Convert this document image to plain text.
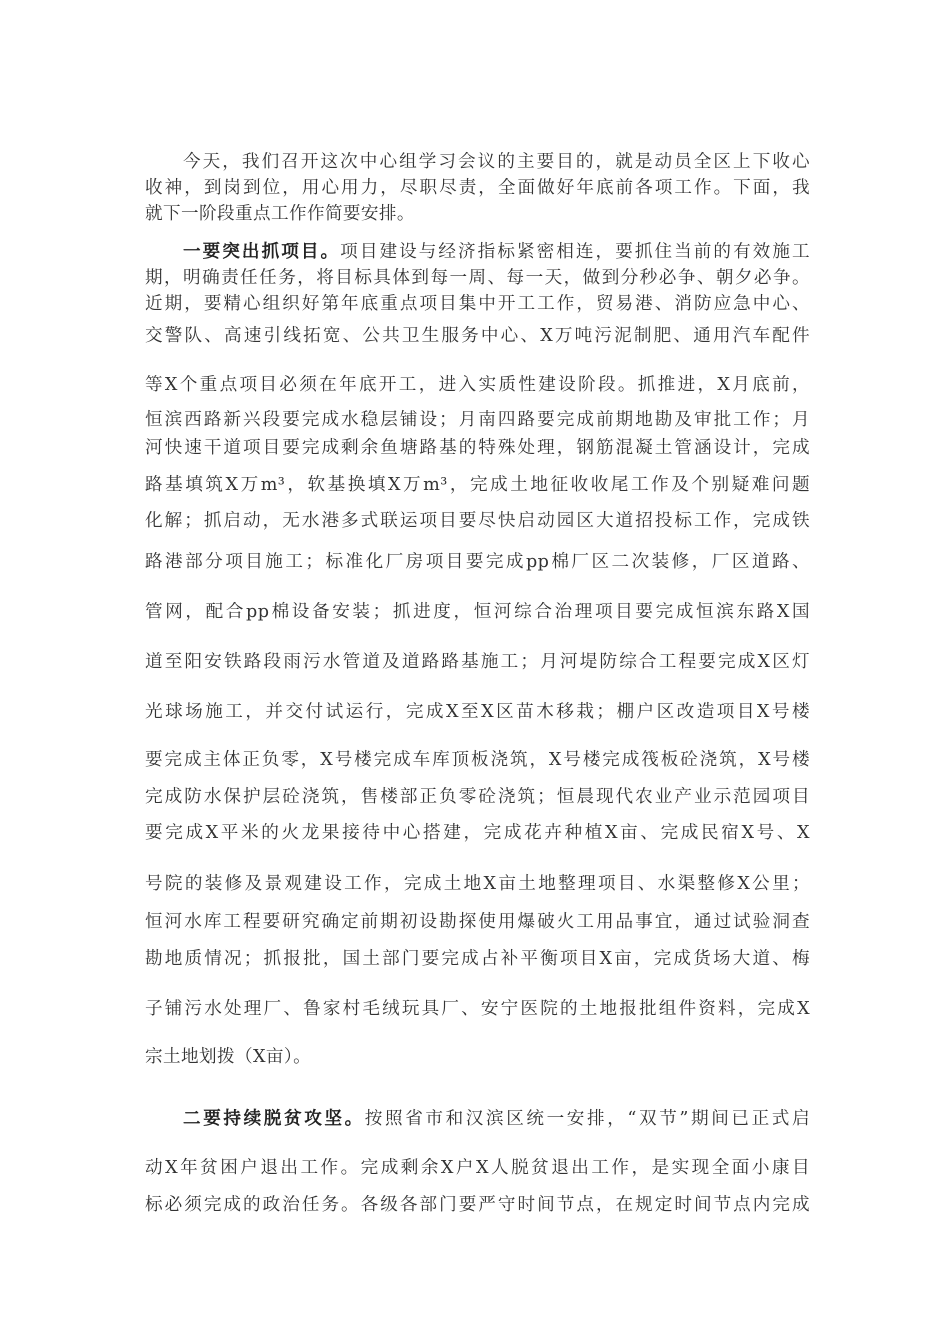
今天，我们召开这次中心组学习会议的主要目的，就是动员全区上下收心
收神，到岗到位，用心用力，尽职尽责，全面做好年底前各项工作。下面，我
就下一阶段重点工作作简要安排。
一要突出抓项目。项目建设与经济指标紧密相连，要抓住当前的有效施工
期，明确责任任务，将目标具体到每一周、每一天，做到分秒必争、朝夕必争。
近期，要精心组织好第年底重点项目集中开工工作，贸易港、消防应急中心、
交警队、高速引线拓宽、公共卫生服务中心、X万吨污泥制肥、通用汽车配件
等X个重点项目必须在年底开工，进入实质性建设阶段。抓推进，X月底前，
恒滨西路新兴段要完成水稳层铺设；月南四路要完成前期地勘及审批工作；月
河快速干道项目要完成剩余鱼塘路基的特殊处理，钢筋混凝土管涵设计，完成
路基填筑X万m³，软基换填X万m³，完成土地征收收尾工作及个别疑难问题
化解；抓启动，无水港多式联运项目要尽快启动园区大道招投标工作，完成铁
路港部分项目施工；标准化厂房项目要完成pp棉厂区二次装修，厂区道路、
管网，配合pp棉设备安装；抓进度，恒河综合治理项目要完成恒滨东路X国
道至阳安铁路段雨污水管道及道路路基施工；月河堤防综合工程要完成X区灯
光球场施工，并交付试运行，完成X至X区苗木移栽；棚户区改造项目X号楼
要完成主体正负零，X号楼完成车库顶板浇筑，X号楼完成筏板砼浇筑，X号楼
完成防水保护层砼浇筑，售楼部正负零砼浇筑；恒晨现代农业产业示范园项目
要完成X平米的火龙果接待中心搭建，完成花卉种植X亩、完成民宿X号、X
号院的装修及景观建设工作，完成土地X亩土地整理项目、水渠整修X公里；
恒河水库工程要研究确定前期初设勘探使用爆破火工用品事宜，通过试验洞查
勘地质情况；抓报批，国土部门要完成占补平衡项目X亩，完成货场大道、梅
子铺污水处理厂、鲁家村毛绒玩具厂、安宁医院的土地报批组件资料，完成X
宗土地划拨（X亩）。
二要持续脱贫攻坚。按照省市和汉滨区统一安排，“双节”期间已正式启
动X年贫困户退出工作。完成剩余X户X人脱贫退出工作，是实现全面小康目
标必须完成的政治任务。各级各部门要严守时间节点，在规定时间节点内完成
